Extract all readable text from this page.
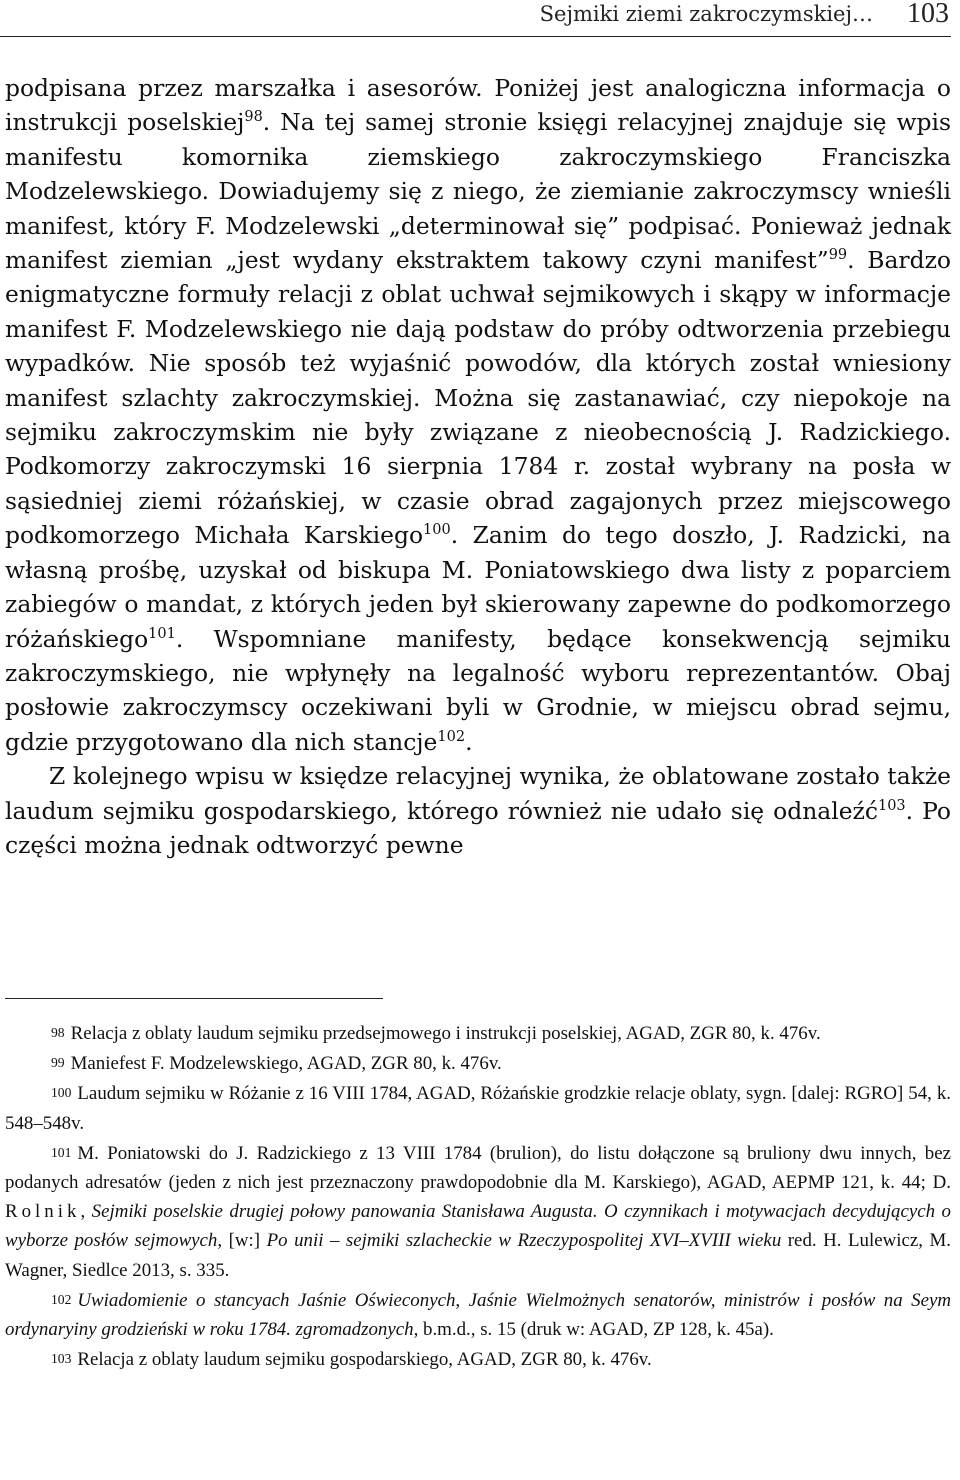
Sejmiki ziemi zakroczymskiej… 103

podpisana przez marszałka i asesorów. Poniżej jest analogiczna informacja o instrukcji poselskiej$^{98}$. Na tej samej stronie księgi relacyjnej znajduje się wpis manifestu komornika ziemskiego zakroczymskiego Franciszka Modzelewskiego. Dowiadujemy się z niego, że ziemianie zakroczymscy wnieśli manifest, który F. Modzelewski „determinował się” podpisać. Ponieważ jednak manifest ziemian „jest wydany ekstraktem takowy czyni manifest”$^{99}$. Bardzo enigmatyczne formuły relacji z oblat uchwał sejmikowych i skąpy w informacje manifest F. Modzelewskiego nie dają podstaw do próby odtworzenia przebiegu wypadków. Nie sposób też wyjaśnić powodów, dla których został wniesiony manifest szlachty zakroczymskiej. Można się zastanawiać, czy niepokoje na sejmiku zakroczymskim nie były związane z nieobecnością J. Radzickiego. Podkomorzy zakroczymski 16 sierpnia 1784 r. został wybrany na posła w sąsiedniej ziemi różańskiej, w czasie obrad zagajonych przez miejscowego podkomorzego Michała Karskiego$^{100}$. Zanim do tego doszło, J. Radzicki, na własną prośbę, uzyskał od biskupa M. Poniatowskiego dwa listy z poparciem zabiegów o mandat, z których jeden był skierowany zapewne do podkomorzego różańskiego$^{101}$. Wspomniane manifesty, będące konsekwencją sejmiku zakroczymskiego, nie wpłynęły na legalność wyboru reprezentantów. Obaj posłowie zakroczymscy oczekiwani byli w Grodnie, w miejscu obrad sejmu, gdzie przygotowano dla nich stancje$^{102}$.

Z kolejnego wpisu w księdze relacyjnej wynika, że oblatowane zostało także laudum sejmiku gospodarskiego, którego również nie udało się odnaleźć$^{103}$. Po części można jednak odtworzyć pewne

98 Relacja z oblaty laudum sejmiku przedsejmowego i instrukcji poselskiej, AGAD, ZGR 80, k. 476v.

99 Maniefest F. Modzelewskiego, AGAD, ZGR 80, k. 476v.

100 Laudum sejmiku w Różanie z 16 VIII 1784, AGAD, Różańskie grodzkie relacje oblaty, sygn. [dalej: RGRO] 54, k. 548–548v.

101 M. Poniatowski do J. Radzickiego z 13 VIII 1784 (brulion), do listu dołączone są bruliony dwu innych, bez podanych adresatów (jeden z nich jest przeznaczony prawdopodobnie dla M. Karskiego), AGAD, AEPMP 121, k. 44; D. Rolnik, Sejmiki poselskie drugiej połowy panowania Stanisława Augusta. O czynnikach i motywacjach decydujących o wyborze posłów sejmowych, [w:] Po unii – sejmiki szlacheckie w Rzeczypospolitej XVI–XVIII wieku red. H. Lulewicz, M. Wagner, Siedlce 2013, s. 335.

102 Uwiadomienie o stancyach Jaśnie Oświeconych, Jaśnie Wielmożnych senatorów, ministrów i posłów na Seym ordynaryiny grodzieński w roku 1784. zgromadzonych, b.m.d., s. 15 (druk w: AGAD, ZP 128, k. 45a).

103 Relacja z oblaty laudum sejmiku gospodarskiego, AGAD, ZGR 80, k. 476v.
